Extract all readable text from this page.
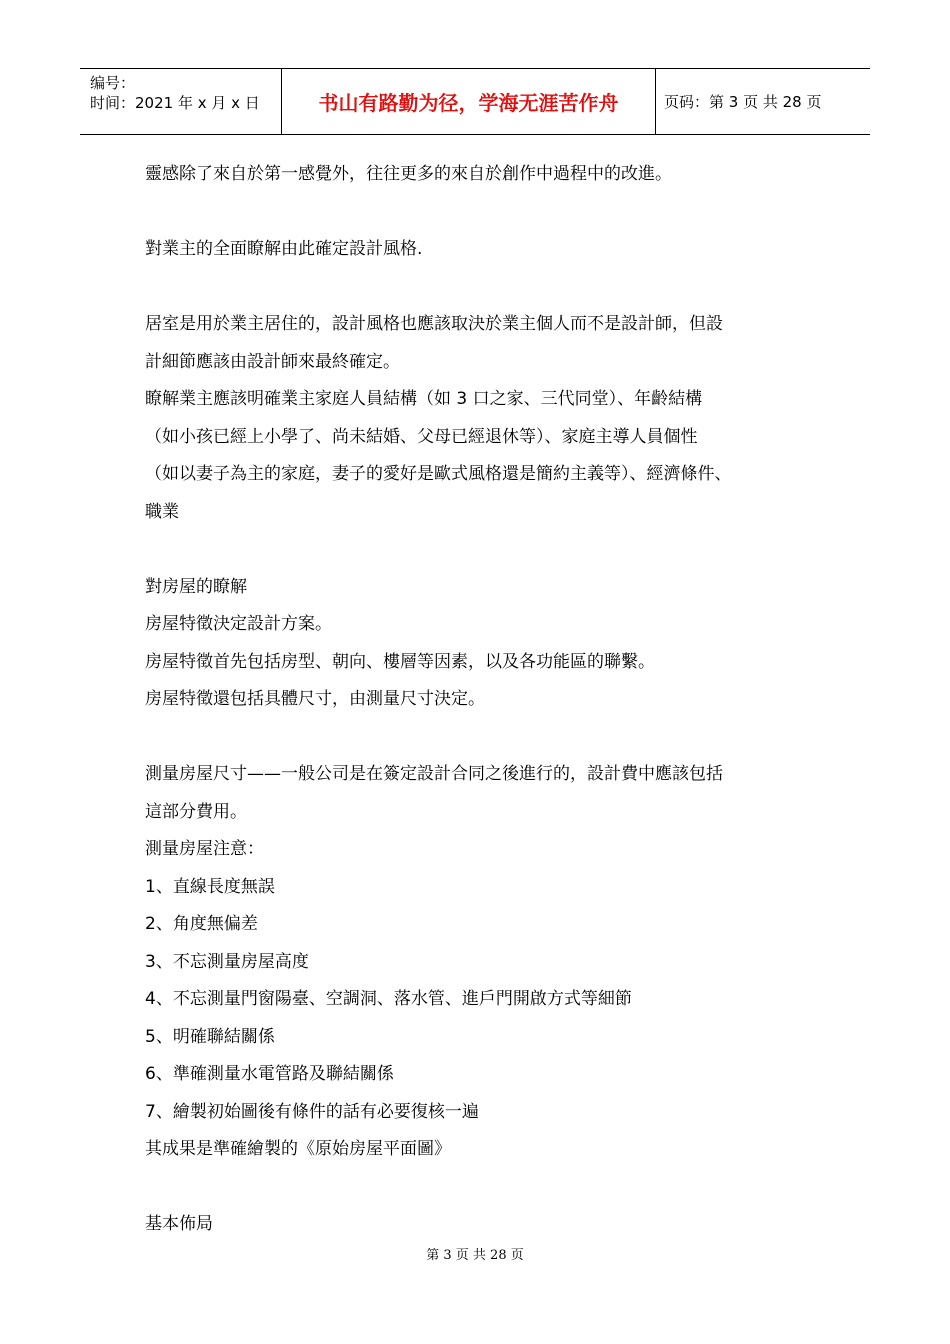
编号：
时间：2021 年 x 月 x 日	书山有路勤为径，学海无涯苦作舟	页码：第 3 页 共 28 页

靈感除了來自於第一感覺外，往往更多的來自於創作中過程中的改進。

對業主的全面瞭解由此確定設計風格.

居室是用於業主居住的，設計風格也應該取決於業主個人而不是設計師，但設

計細節應該由設計師來最終確定。

瞭解業主應該明確業主家庭人員結構（如 3 口之家、三代同堂）、年齡結構

（如小孩已經上小學了、尚未結婚、父母已經退休等）、家庭主導人員個性

（如以妻子為主的家庭，妻子的愛好是歐式風格還是簡約主義等）、經濟條件、

職業

對房屋的瞭解

房屋特徵決定設計方案。

房屋特徵首先包括房型、朝向、樓層等因素，以及各功能區的聯繫。

房屋特徵還包括具體尺寸，由測量尺寸決定。

測量房屋尺寸——一般公司是在簽定設計合同之後進行的，設計費中應該包括

這部分費用。

測量房屋注意：

1、直線長度無誤

2、角度無偏差

3、不忘測量房屋高度

4、不忘測量門窗陽臺、空調洞、落水管、進戶門開啟方式等細節

5、明確聯結關係

6、準確測量水電管路及聯結關係

7、繪製初始圖後有條件的話有必要復核一遍

其成果是準確繪製的《原始房屋平面圖》

基本佈局

第 3 页 共 28 页
